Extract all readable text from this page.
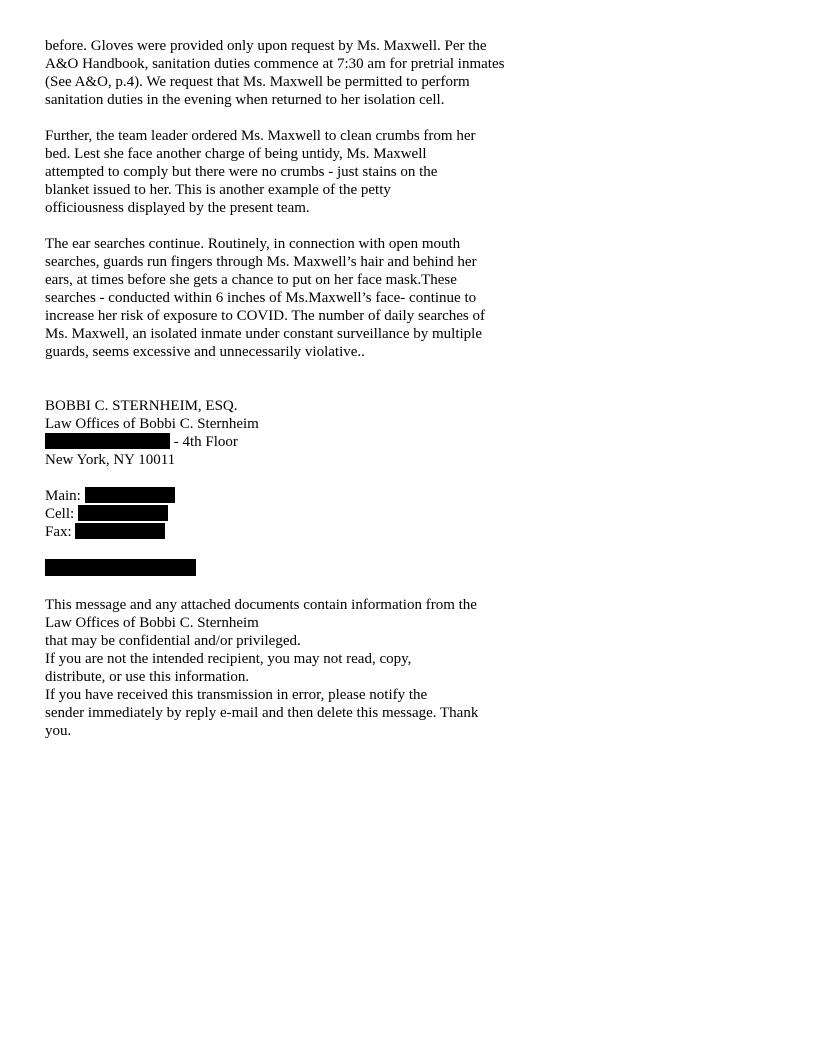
before. Gloves were provided only upon request by Ms. Maxwell. Per the
A&O Handbook, sanitation duties commence at 7:30 am for pretrial inmates
(See A&O, p.4). We request that Ms. Maxwell be permitted to perform
sanitation duties in the evening when returned to her isolation cell.

Further, the team leader ordered Ms. Maxwell to clean crumbs from her
bed. Lest she face another charge of being untidy, Ms. Maxwell
attempted to comply but there were no crumbs - just stains on the
blanket issued to her. This is another example of the petty
officiousness displayed by the present team.

The ear searches continue. Routinely, in connection with open mouth
searches, guards run fingers through Ms. Maxwell’s hair and behind her
ears, at times before she gets a chance to put on her face mask.These
searches - conducted within 6 inches of Ms.Maxwell’s face- continue to
increase her risk of exposure to COVID. The number of daily searches of
Ms. Maxwell, an isolated inmate under constant surveillance by multiple
guards, seems excessive and unnecessarily violative..

BOBBI C. STERNHEIM, ESQ.
Law Offices of Bobbi C. Sternheim
- 4th Floor
New York, NY 10011
Main:
Cell:
Fax:
This message and any attached documents contain information from the
Law Offices of Bobbi C. Sternheim
that may be confidential and/or privileged.
If you are not the intended recipient, you may not read, copy,
distribute, or use this information.
If you have received this transmission in error, please notify the
sender immediately by reply e-mail and then delete this message. Thank
you.
